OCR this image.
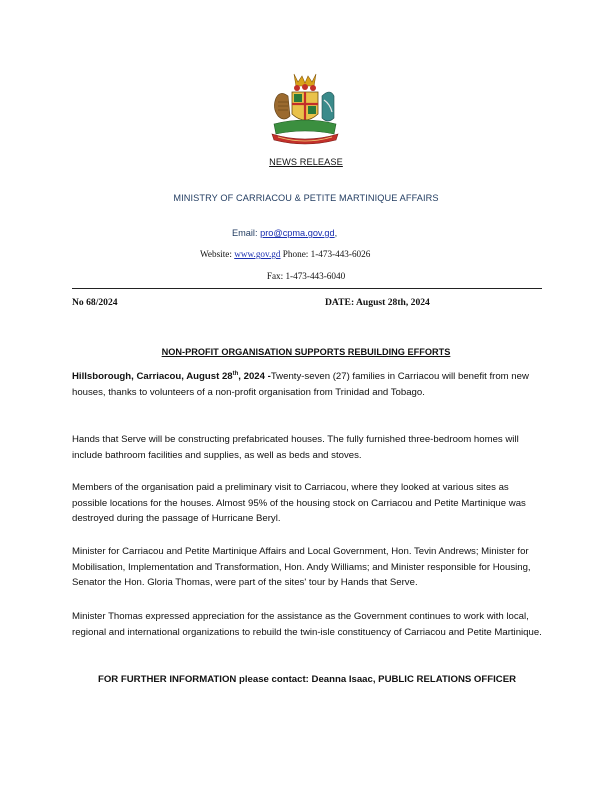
NEWS RELEASE
MINISTRY OF CARRIACOU & PETITE MARTINIQUE AFFAIRS
Email: pro@cpma.gov.gd,
Website: www.gov.gd Phone: 1-473-443-6026
Fax: 1-473-443-6040
No 68/2024	DATE: August 28th, 2024
NON-PROFIT ORGANISATION SUPPORTS REBUILDING EFFORTS
Hillsborough, Carriacou, August 28th, 2024 -Twenty-seven (27) families in Carriacou will benefit from new houses, thanks to volunteers of a non-profit organisation from Trinidad and Tobago.
Hands that Serve will be constructing prefabricated houses. The fully furnished three-bedroom homes will include bathroom facilities and supplies, as well as beds and stoves.
Members of the organisation paid a preliminary visit to Carriacou, where they looked at various sites as possible locations for the houses. Almost 95% of the housing stock on Carriacou and Petite Martinique was destroyed during the passage of Hurricane Beryl.
Minister for Carriacou and Petite Martinique Affairs and Local Government, Hon. Tevin Andrews; Minister for Mobilisation, Implementation and Transformation, Hon. Andy Williams; and Minister responsible for Housing, Senator the Hon. Gloria Thomas, were part of the sites' tour by Hands that Serve.
Minister Thomas expressed appreciation for the assistance as the Government continues to work with local, regional and international organizations to rebuild the twin-isle constituency of Carriacou and Petite Martinique.
FOR FURTHER INFORMATION please contact: Deanna Isaac, PUBLIC RELATIONS OFFICER
